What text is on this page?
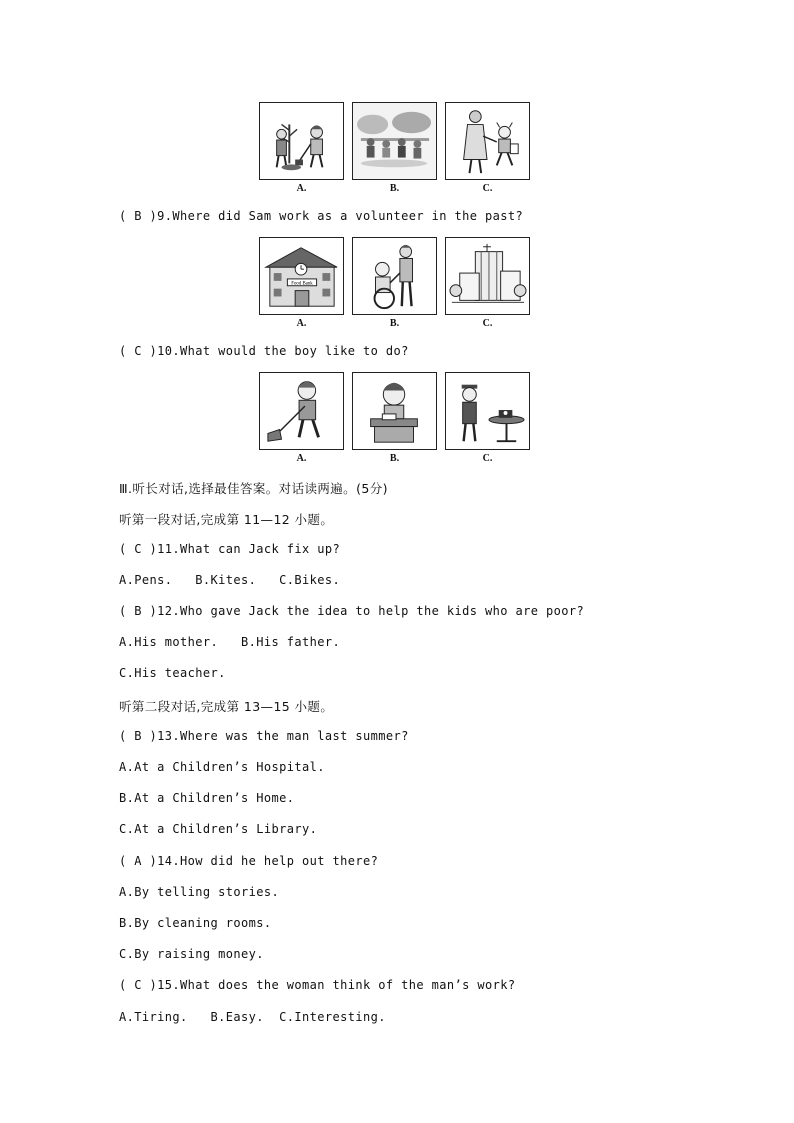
A.	B.	C.
( B )9.Where did Sam work as a volunteer in the past?
Food Bank
A.	B.	C.
( C )10.What would the boy like to do?
A.	B.	C.
Ⅲ.听长对话,选择最佳答案。对话读两遍。(5分)
听第一段对话,完成第 11—12 小题。
( C )11.What can Jack fix up?
A.Pens.   B.Kites.   C.Bikes.
( B )12.Who gave Jack the idea to help the kids who are poor?
A.His mother.   B.His father.
C.His teacher.
听第二段对话,完成第 13—15 小题。
( B )13.Where was the man last summer?
A.At a Children’s Hospital.
B.At a Children’s Home.
C.At a Children’s Library.
( A )14.How did he help out there?
A.By telling stories.
B.By cleaning rooms.
C.By raising money.
( C )15.What does the woman think of the man’s work?
A.Tiring.   B.Easy.  C.Interesting.
